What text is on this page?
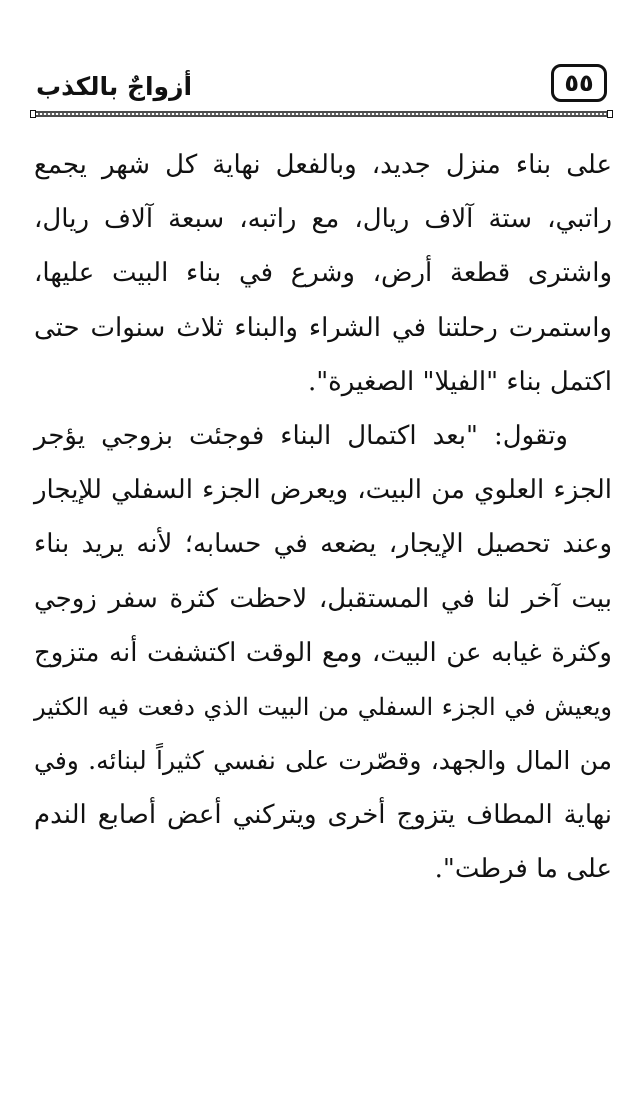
أزواجٌ بالكذب	٥٥
على بناء منزل جديد، وبالفعل نهاية كل شهر يجمع
راتبي، ستة آلاف ريال، مع راتبه، سبعة آلاف ريال،
واشترى قطعة أرض، وشرع في بناء البيت عليها،
واستمرت رحلتنا في الشراء والبناء ثلاث سنوات حتى
اكتمل بناء "الفيلا" الصغيرة".
وتقول: "بعد اكتمال البناء فوجئت بزوجي يؤجر
الجزء العلوي من البيت، ويعرض الجزء السفلي للإيجار
وعند تحصيل الإيجار، يضعه في حسابه؛ لأنه يريد بناء
بيت آخر لنا في المستقبل، لاحظت كثرة سفر زوجي
وكثرة غيابه عن البيت، ومع الوقت اكتشفت أنه متزوج
ويعيش في الجزء السفلي من البيت الذي دفعت فيه الكثير
من المال والجهد، وقصّرت على نفسي كثيراً لبنائه. وفي
نهاية المطاف يتزوج أخرى ويتركني أعض أصابع الندم
على ما فرطت".
